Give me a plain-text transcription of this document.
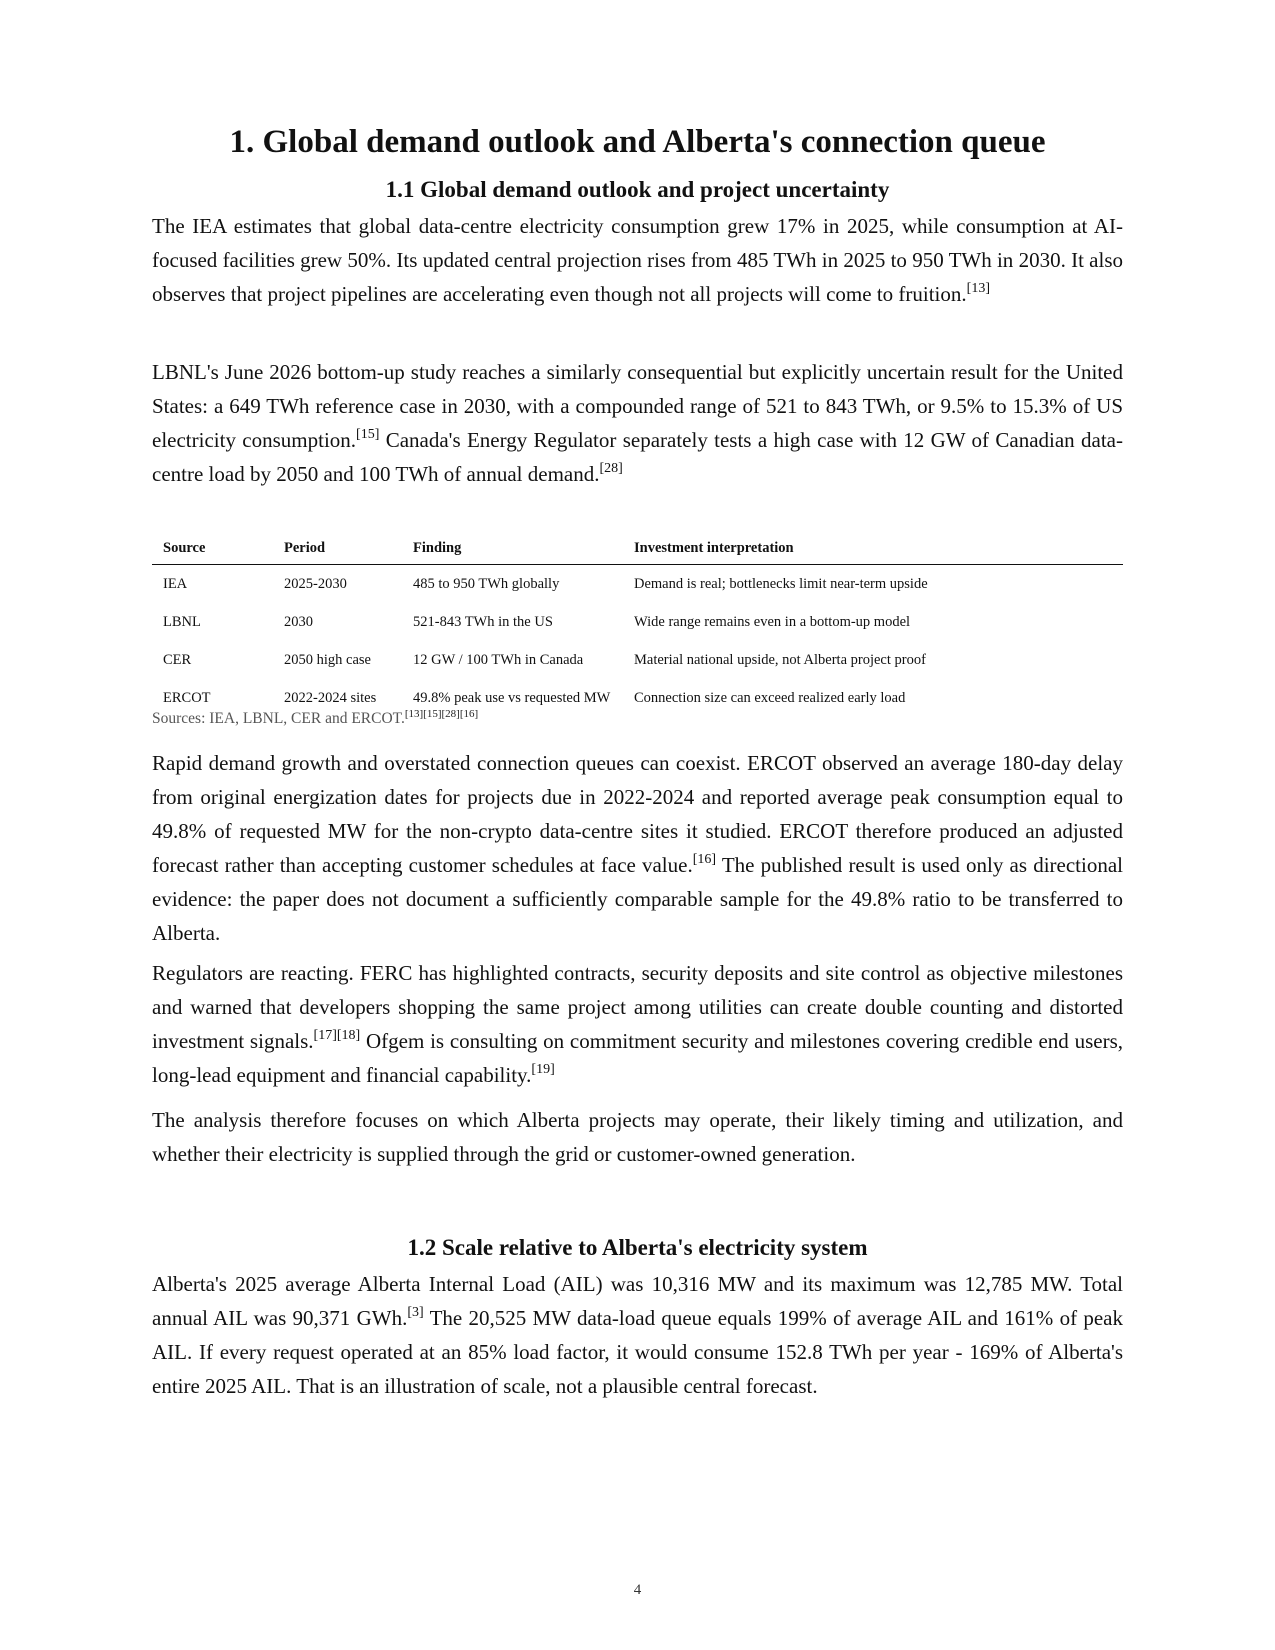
1. Global demand outlook and Alberta's connection queue
1.1 Global demand outlook and project uncertainty

The IEA estimates that global data-centre electricity consumption grew 17% in 2025, while consumption at AI-focused facilities grew 50%. Its updated central projection rises from 485 TWh in 2025 to 950 TWh in 2030. It also observes that project pipelines are accelerating even though not all projects will come to fruition.[13]

LBNL's June 2026 bottom-up study reaches a similarly consequential but explicitly uncertain result for the United States: a 649 TWh reference case in 2030, with a compounded range of 521 to 843 TWh, or 9.5% to 15.3% of US electricity consumption.[15] Canada's Energy Regulator separately tests a high case with 12 GW of Canadian data-centre load by 2050 and 100 TWh of annual demand.[28]

Source	Period	Finding	Investment interpretation
IEA	2025-2030	485 to 950 TWh globally	Demand is real; bottlenecks limit near-term upside
LBNL	2030	521-843 TWh in the US	Wide range remains even in a bottom-up model
CER	2050 high case	12 GW / 100 TWh in Canada	Material national upside, not Alberta project proof
ERCOT	2022-2024 sites	49.8% peak use vs requested MW	Connection size can exceed realized early load
Sources: IEA, LBNL, CER and ERCOT.[13][15][28][16]

Rapid demand growth and overstated connection queues can coexist. ERCOT observed an average 180-day delay from original energization dates for projects due in 2022-2024 and reported average peak consumption equal to 49.8% of requested MW for the non-crypto data-centre sites it studied. ERCOT therefore produced an adjusted forecast rather than accepting customer schedules at face value.[16] The published result is used only as directional evidence: the paper does not document a sufficiently comparable sample for the 49.8% ratio to be transferred to Alberta.

Regulators are reacting. FERC has highlighted contracts, security deposits and site control as objective milestones and warned that developers shopping the same project among utilities can create double counting and distorted investment signals.[17][18] Ofgem is consulting on commitment security and milestones covering credible end users, long-lead equipment and financial capability.[19]

The analysis therefore focuses on which Alberta projects may operate, their likely timing and utilization, and whether their electricity is supplied through the grid or customer-owned generation.

1.2 Scale relative to Alberta's electricity system

Alberta's 2025 average Alberta Internal Load (AIL) was 10,316 MW and its maximum was 12,785 MW. Total annual AIL was 90,371 GWh.[3] The 20,525 MW data-load queue equals 199% of average AIL and 161% of peak AIL. If every request operated at an 85% load factor, it would consume 152.8 TWh per year - 169% of Alberta's entire 2025 AIL. That is an illustration of scale, not a plausible central forecast.

4
